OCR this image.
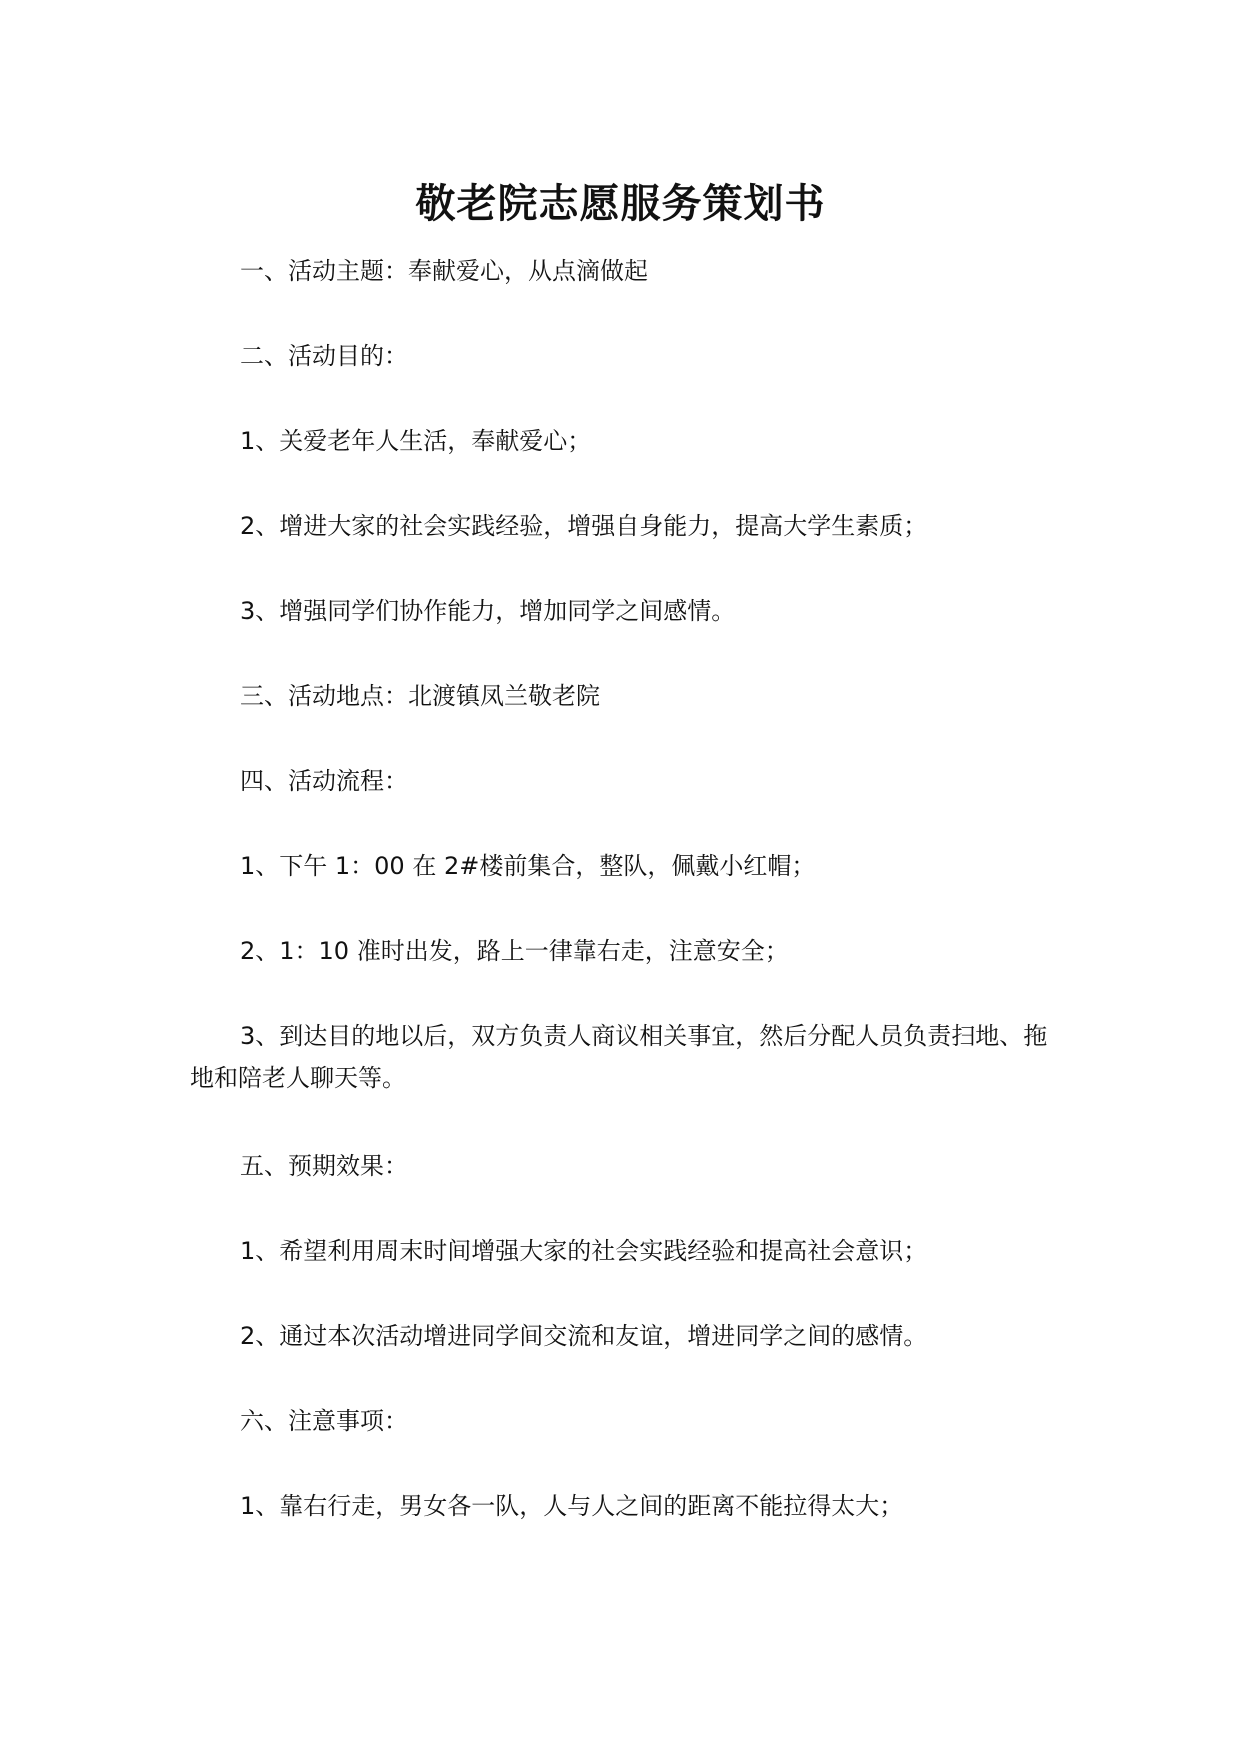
敬老院志愿服务策划书
一、活动主题：奉献爱心，从点滴做起
二、活动目的：
1、关爱老年人生活，奉献爱心；
2、增进大家的社会实践经验，增强自身能力，提高大学生素质；
3、增强同学们协作能力，增加同学之间感情。
三、活动地点：北渡镇凤兰敬老院
四、活动流程：
1、下午 1：00 在 2#楼前集合，整队，佩戴小红帽；
2、1：10 准时出发，路上一律靠右走，注意安全；
3、到达目的地以后，双方负责人商议相关事宜，然后分配人员负责扫地、拖地和陪老人聊天等。
五、预期效果：
1、希望利用周末时间增强大家的社会实践经验和提高社会意识；
2、通过本次活动增进同学间交流和友谊，增进同学之间的感情。
六、注意事项：
1、靠右行走，男女各一队，人与人之间的距离不能拉得太大；
